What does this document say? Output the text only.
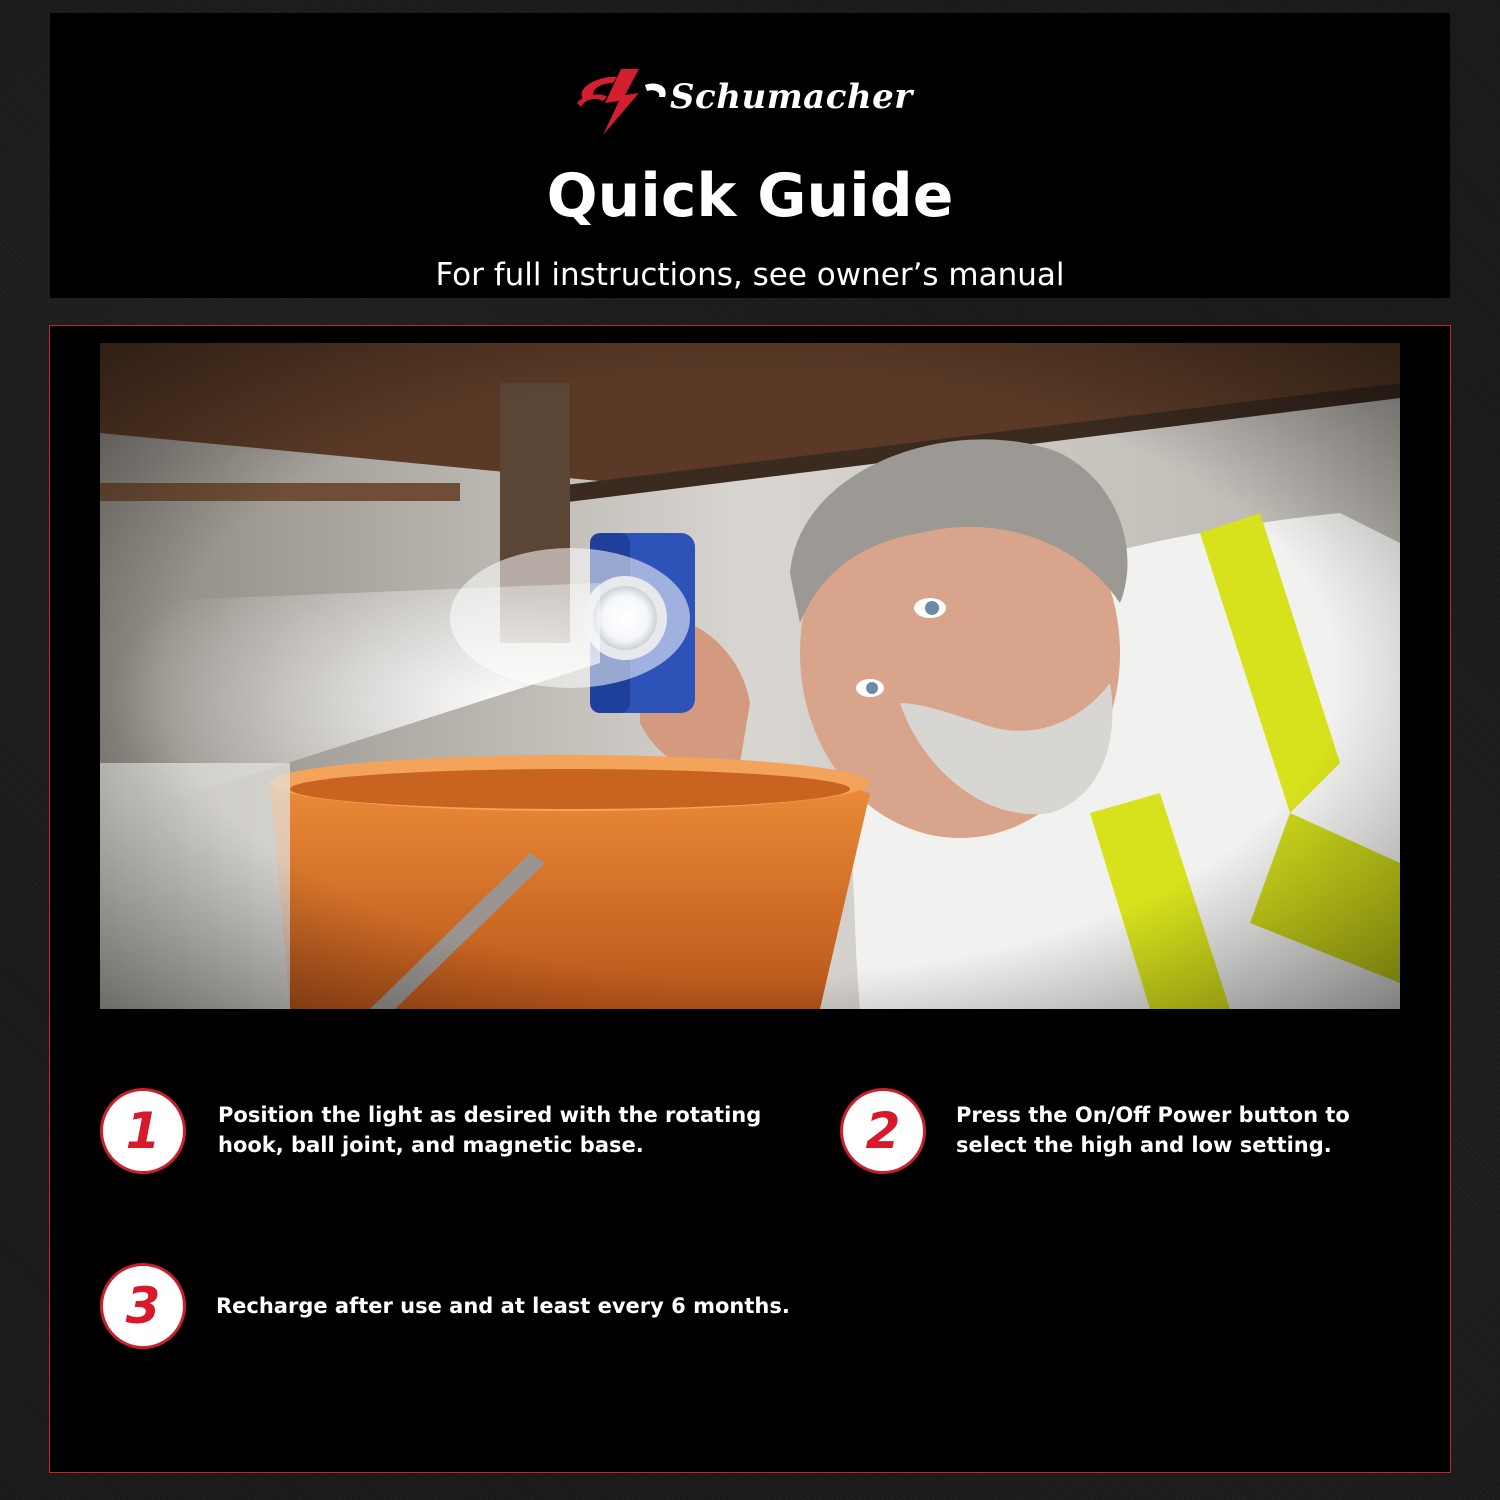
Schumacher
Quick Guide
For full instructions, see owner’s manual
1	Position the light as desired with the rotating hook, ball joint, and magnetic base.	2	Press the On/Off Power button to select the high and low setting.
3	Recharge after use and at least every 6 months.
